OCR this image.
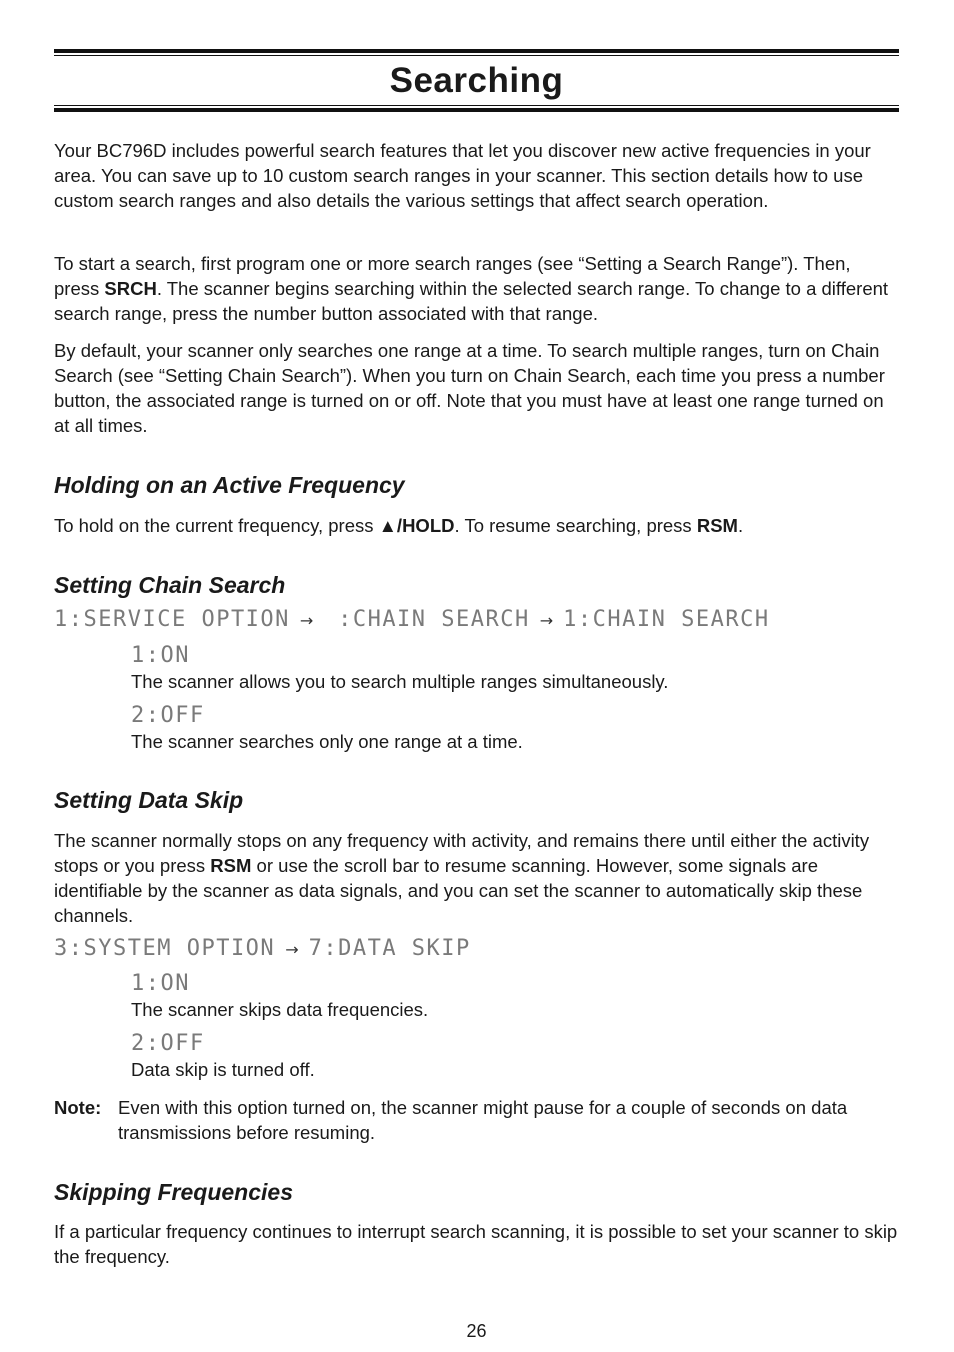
Searching

Your BC796D includes powerful search features that let you discover new active frequencies in your area. You can save up to 10 custom search ranges in your scanner. This section details how to use custom search ranges and also details the various settings that affect search operation.

To start a search, first program one or more search ranges (see “Setting a Search Range”). Then, press SRCH. The scanner begins searching within the selected search range. To change to a different search range, press the number button associated with that range.

By default, your scanner only searches one range at a time. To search multiple ranges, turn on Chain Search (see “Setting Chain Search”). When you turn on Chain Search, each time you press a number button, the associated range is turned on or off. Note that you must have at least one range turned on at all times.

Holding on an Active Frequency

To hold on the current frequency, press ▲/HOLD. To resume searching, press RSM.

Setting Chain Search
1:SERVICE OPTION → :CHAIN SEARCH → 1:CHAIN SEARCH
1:ON

The scanner allows you to search multiple ranges simultaneously.

2:OFF

The scanner searches only one range at a time.

Setting Data Skip

The scanner normally stops on any frequency with activity, and remains there until either the activity stops or you press RSM or use the scroll bar to resume scanning. However, some signals are identifiable by the scanner as data signals, and you can set the scanner to automatically skip these channels.

3:SYSTEM OPTION → 7:DATA SKIP
1:ON

The scanner skips data frequencies.

2:OFF

Data skip is turned off.

Note: Even with this option turned on, the scanner might pause for a couple of seconds on data transmissions before resuming.

Skipping Frequencies

If a particular frequency continues to interrupt search scanning, it is possible to set your scanner to skip the frequency.

26
